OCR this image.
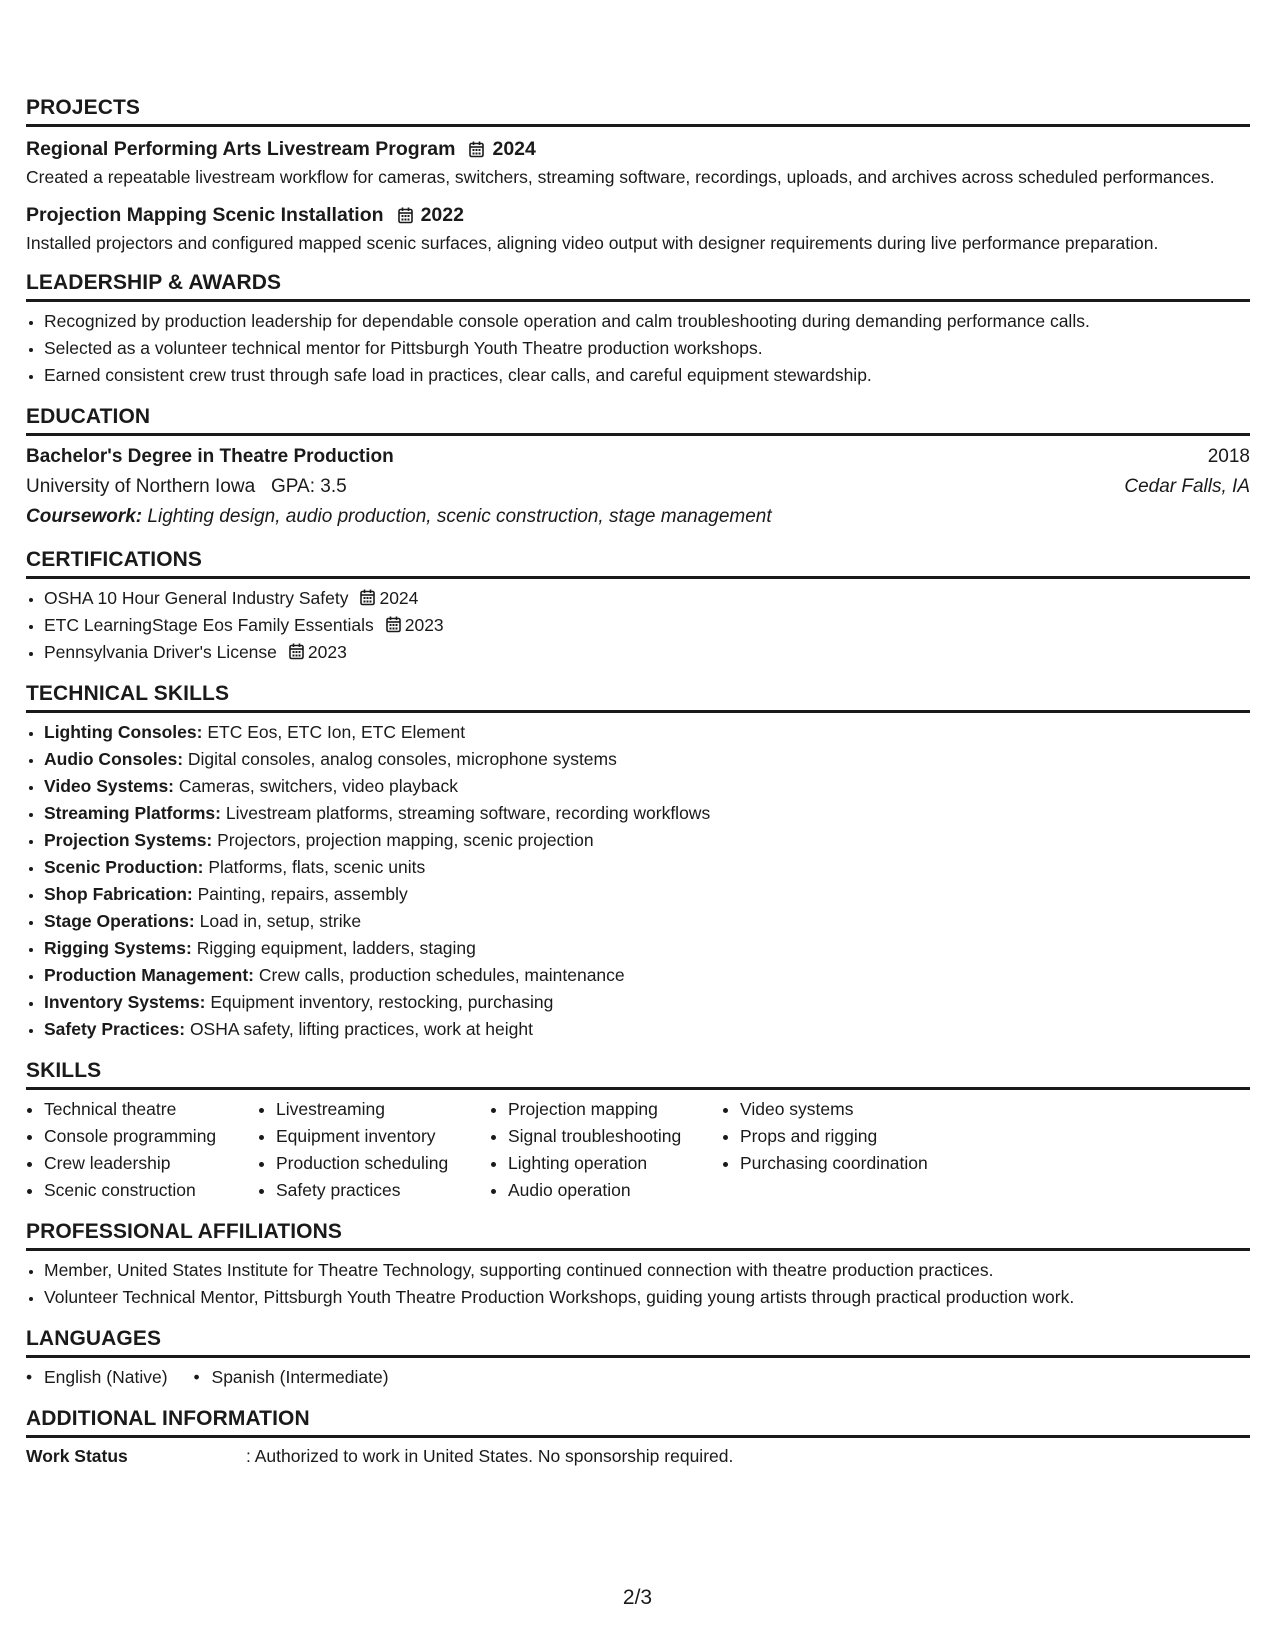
PROJECTS
Regional Performing Arts Livestream Program 2024

Created a repeatable livestream workflow for cameras, switchers, streaming software, recordings, uploads, and archives across scheduled performances.

Projection Mapping Scenic Installation 2022

Installed projectors and configured mapped scenic surfaces, aligning video output with designer requirements during live performance preparation.

LEADERSHIP & AWARDS
• Recognized by production leadership for dependable console operation and calm troubleshooting during demanding performance calls.
• Selected as a volunteer technical mentor for Pittsburgh Youth Theatre production workshops.
• Earned consistent crew trust through safe load in practices, clear calls, and careful equipment stewardship.
EDUCATION
Bachelor's Degree in Theatre Production	2018
University of Northern Iowa GPA: 3.5	Cedar Falls, IA
Coursework: Lighting design, audio production, scenic construction, stage management
CERTIFICATIONS
• OSHA 10 Hour General Industry Safety 2024
• ETC LearningStage Eos Family Essentials 2023
• Pennsylvania Driver's License 2023
TECHNICAL SKILLS
• Lighting Consoles: ETC Eos, ETC Ion, ETC Element
• Audio Consoles: Digital consoles, analog consoles, microphone systems
• Video Systems: Cameras, switchers, video playback
• Streaming Platforms: Livestream platforms, streaming software, recording workflows
• Projection Systems: Projectors, projection mapping, scenic projection
• Scenic Production: Platforms, flats, scenic units
• Shop Fabrication: Painting, repairs, assembly
• Stage Operations: Load in, setup, strike
• Rigging Systems: Rigging equipment, ladders, staging
• Production Management: Crew calls, production schedules, maintenance
• Inventory Systems: Equipment inventory, restocking, purchasing
• Safety Practices: OSHA safety, lifting practices, work at height
SKILLS
• Technical theatre
• Console programming
• Crew leadership
• Scenic construction
• Livestreaming
• Equipment inventory
• Production scheduling
• Safety practices
• Projection mapping
• Signal troubleshooting
• Lighting operation
• Audio operation
• Video systems
• Props and rigging
• Purchasing coordination
PROFESSIONAL AFFILIATIONS
• Member, United States Institute for Theatre Technology, supporting continued connection with theatre production practices.
• Volunteer Technical Mentor, Pittsburgh Youth Theatre Production Workshops, guiding young artists through practical production work.
LANGUAGES
• English (Native)
•	Spanish (Intermediate)
ADDITIONAL INFORMATION
Work Status	: Authorized to work in United States. No sponsorship required.
2/3
